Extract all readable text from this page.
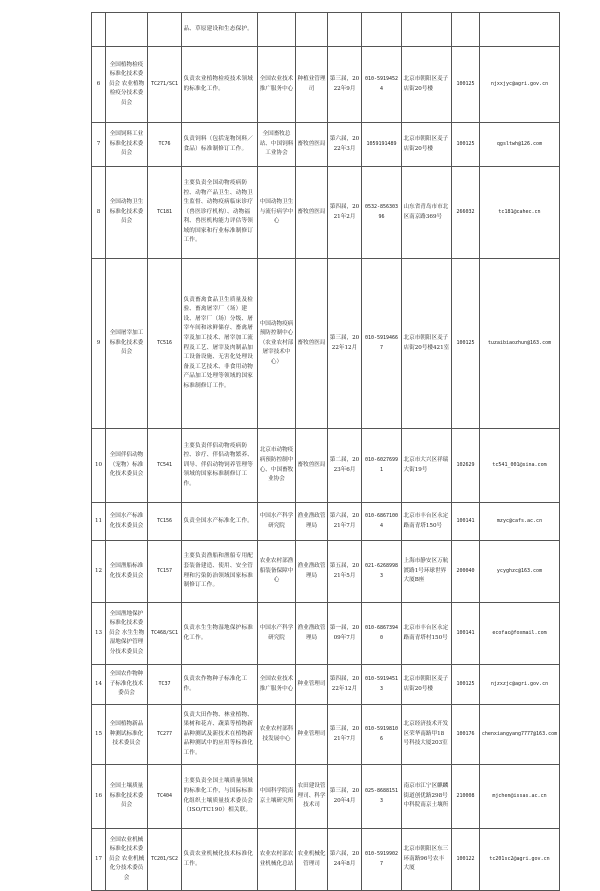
			品、草原建设和生态保护。							
6	全国植物检疫标准化技术委员会 农业植物检疫分技术委员会	TC271/SC1	负责农业植物检疫技术领域的标准化工作。	全国农业技术推广服务中心	种植业管理司	第三届，2022年9月	010-59194524	北京市朝阳区麦子店街20号楼	100125	njxxjyc@agri.gov.cn
7	全国饲料工业标准化技术委员会	TC76	负责饲料（包括宠物饲料／食品）标准制修订工作。	全国畜牧总站、中国饲料工业协会	畜牧兽医局	第六届，2022年3月	1059191489	北京市朝阳区麦子店街20号楼	100125	qgsltwh@126.com
8	全国动物卫生标准化技术委员会	TC181	主要负责全国动物疫病防控、动物产品卫生、动物卫生监督、动物疫病临床诊疗（兽医诊疗机构）、动物福利、兽医机构能力评估等领域的国家和行业标准制修订工作。	中国动物卫生与流行病学中心	畜牧兽医局	第四届，2021年2月	0532-85630396	山东省青岛市市北区南京路369号	266032	tc181@cahec.cn
9	全国屠宰加工标准化技术委员会	TC516	负责畜禽食品卫生质量及检验、畜禽屠宰厂（场）建设、屠宰厂（场）分级、屠宰车间和冰鲜储存、畜禽屠宰及加工技术、屠宰加工流程及工艺、屠宰及肉制品加工设备设施、无害化处理设备及工艺技术、非食用动物产品加工处理等领域的国家标准制修订工作。	中国动物疫病预防控制中心（农业农村部屠宰技术中心）	畜牧兽医局	第三届，2022年12月	010-59194667	北京市朝阳区麦子店街20号楼421室	100125	tuzaibiaozhun@163.com
10	全国伴侣动物（宠物）标准化技术委员会	TC541	主要负责伴侣动物疫病防控、诊疗、伴侣动物繁养、训导、伴侣动物饲养管理等领域的国家标准制修订工作。	北京市动物疫病预防控制中心、中国畜牧业协会	畜牧兽医局	第二届，2023年6月	010-60276991	北京市大兴区祥瑞大街19号	102629	tc541_001@sina.com
11	全国水产标准化技术委员会	TC156	负责全国水产标准化工作。	中国水产科学研究院	渔业渔政管理局	第六届，2021年7月	010-68671004	北京市丰台区永定路南青塔150号	100141	mzyc@cafs.ac.cn
12	全国渔船标准化技术委员会	TC157	主要负责渔船和渔船专用配套装备建造、使用、安全管理和污染防治领域国家标准制修订工作。	农业农村部渔船装备保障中心	渔业渔政管理局	第五届，2021年5月	021-62689983	上海市静安区万航渡路1号环球世界大厦B座	200040	ycyghzc@163.com
13	全国渔地保护标准化技术委员会 水生生物湿地保护管理分技术委员会	TC468/SC1	负责水生生物湿地保护标准化工作。	中国水产科学研究院	渔业渔政管理局	第一届，2009年7月	010-68673940	北京市丰台区永定路南青塔村150号	100141	ecofac@foxmail.com
14	全国农作物种子标准化技术委员会	TC37	负责农作物种子标准化工作。	全国农业技术推广服务中心	种业管理司	第四届，2022年12月	010-59194513	北京市朝阳区麦子店街20号楼	100125	njzxzjc@agri.gov.cn
15	全国植物新品种测试标准化技术委员会	TC277	负责大田作物、林业植物、果树和花卉、蔬菜等植物新品种测试及新技术在植物新品种测试中的应用等标准化工作。	农业农村部科技发展中心	种业管理司	第三届，2021年7月	010-59198106	北京经济技术开发区荣华南路甲18号科技大厦203室	100176	chenxiangyang7777@163.com
16	全国土壤质量标准化技术委员会	TC404	主要负责全国土壤质量领域的标准化工作，与国际标准化组织土壤质量技术委员会（ISO/TC190）相关联。	中国科学院南京土壤研究所	农田建设管理司、科学技术司	第三届，2020年4月	025-86881513	南京市江宁区麒麟街道创优路298号 中科院南京土壤所	210008	mjchen@issas.ac.cn
17	全国农业机械标准化技术委员会 农业机械化分技术委员会	TC201/SC2	负责农业机械化技术标准化工作。	农业农村部农业机械化总站	农业机械化管理司	第六届，2024年8月	010-59199027	北京市朝阳区东三环南路96号农丰大厦	100122	tc201sc2@agri.gov.cn
